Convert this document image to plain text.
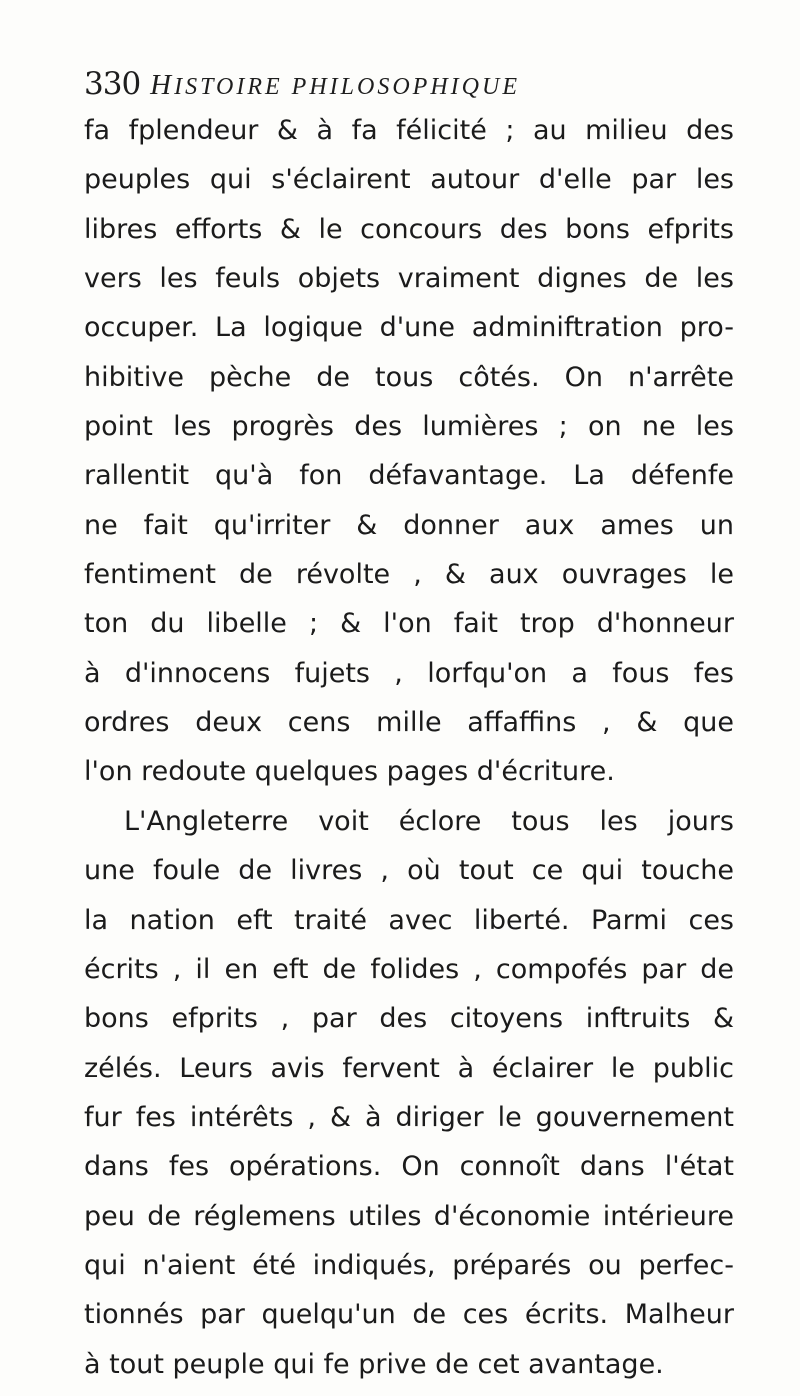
330 HISTOIRE PHILOSOPHIQUE
fa fplendeur & à fa félicité ; au milieu des
peuples qui s'éclairent autour d'elle par les
libres efforts & le concours des bons efprits
vers les feuls objets vraiment dignes de les
occuper. La logique d'une adminiftration pro-
hibitive pèche de tous côtés. On n'arrête
point les progrès des lumières ; on ne les
rallentit qu'à fon défavantage. La défenfe
ne fait qu'irriter & donner aux ames un
fentiment de révolte , & aux ouvrages le
ton du libelle ; & l'on fait trop d'honneur
à d'innocens fujets , lorfqu'on a fous fes
ordres deux cens mille affaffins , & que
l'on redoute quelques pages d'écriture.
L'Angleterre voit éclore tous les jours
une foule de livres , où tout ce qui touche
la nation eft traité avec liberté. Parmi ces
écrits , il en eft de folides , compofés par de
bons efprits , par des citoyens inftruits &
zélés. Leurs avis fervent à éclairer le public
fur fes intérêts , & à diriger le gouvernement
dans fes opérations. On connoît dans l'état
peu de réglemens utiles d'économie intérieure
qui n'aient été indiqués, préparés ou perfec-
tionnés par quelqu'un de ces écrits. Malheur
à tout peuple qui fe prive de cet avantage.
